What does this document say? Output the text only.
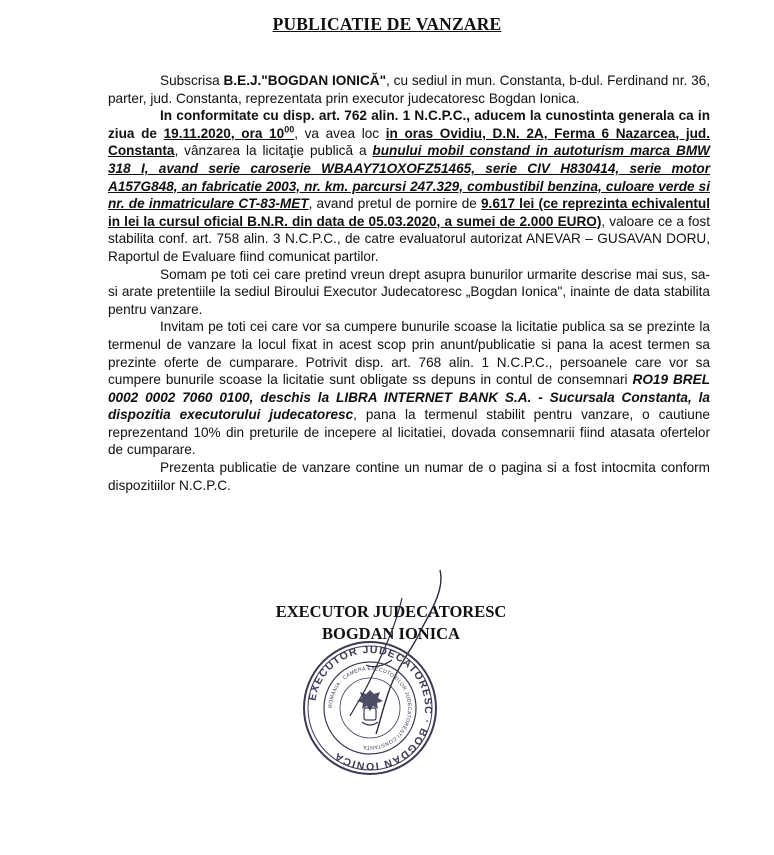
PUBLICATIE DE VANZARE

Subscrisa B.E.J."BOGDAN IONICĂ", cu sediul in mun. Constanta, b-dul. Ferdinand nr. 36, parter, jud. Constanta, reprezentata prin executor judecatoresc Bogdan Ionica.

In conformitate cu disp. art. 762 alin. 1 N.C.P.C., aducem la cunostinta generala ca in ziua de 19.11.2020, ora $10^{00}$, va avea loc in oras Ovidiu, D.N. 2A, Ferma 6 Nazarcea, jud. Constanta, vânzarea la licitaţie publică a bunului mobil constand in autoturism marca BMW 318 I, avand serie caroserie WBAAY71OXOFZ51465, serie CIV H830414, serie motor A157G848, an fabricatie 2003, nr. km. parcursi 247.329, combustibil benzina, culoare verde si nr. de inmatriculare CT-83-MET, avand pretul de pornire de 9.617 lei (ce reprezinta echivalentul in lei la cursul oficial B.N.R. din data de 05.03.2020, a sumei de 2.000 EURO), valoare ce a fost stabilita conf. art. 758 alin. 3 N.C.P.C., de catre evaluatorul autorizat ANEVAR – GUSAVAN DORU, Raportul de Evaluare fiind comunicat partilor.

Somam pe toti cei care pretind vreun drept asupra bunurilor urmarite descrise mai sus, sa-si arate pretentiile la sediul Biroului Executor Judecatoresc „Bogdan Ionica", inainte de data stabilita pentru vanzare.

Invitam pe toti cei care vor sa cumpere bunurile scoase la licitatie publica sa se prezinte la termenul de vanzare la locul fixat in acest scop prin anunt/publicatie si pana la acest termen sa prezinte oferte de cumparare. Potrivit disp. art. 768 alin. 1 N.C.P.C., persoanele care vor sa cumpere bunurile scoase la licitatie sunt obligate ss depuns in contul de consemnari RO19 BREL 0002 0002 7060 0100, deschis la LIBRA INTERNET BANK S.A. - Sucursala Constanta, la dispozitia executorului judecatoresc, pana la termenul stabilit pentru vanzare, o cautiune reprezentand 10% din preturile de incepere al licitatiei, dovada consemnarii fiind atasata ofertelor de cumparare.

Prezenta publicatie de vanzare contine un numar de o pagina si a fost intocmita conform dispozitiilor N.C.P.C.

EXECUTOR JUDECATORESC
BOGDAN IONICA
EXECUTOR JUDECATORESC · BOGDAN IONICA
ROMANIA · CAMERA EXECUTORILOR JUDECATORESTI CONSTANTA
